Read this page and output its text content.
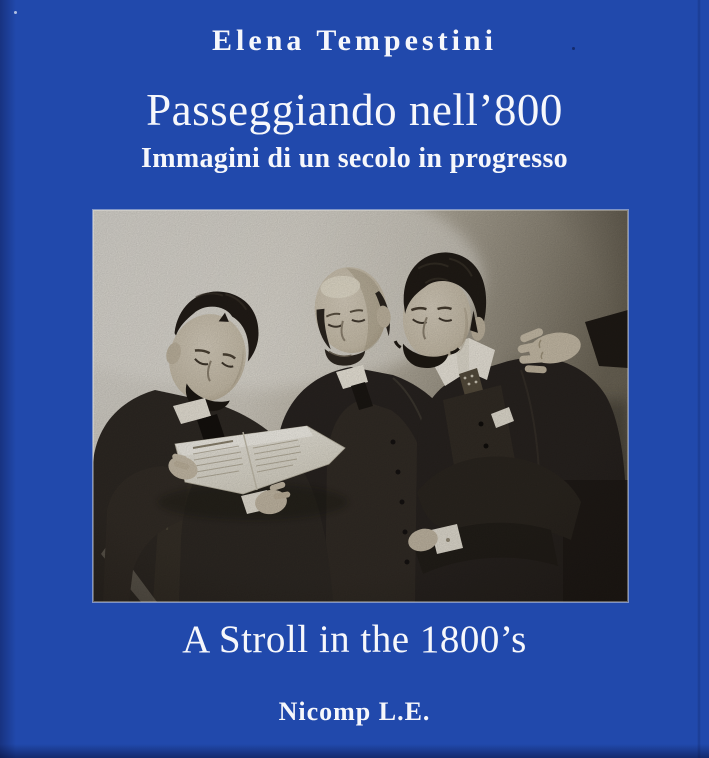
Elena Tempestini
Passeggiando nell’800
Immagini di un secolo in progresso
A Stroll in the 1800’s
Nicomp L.E.
